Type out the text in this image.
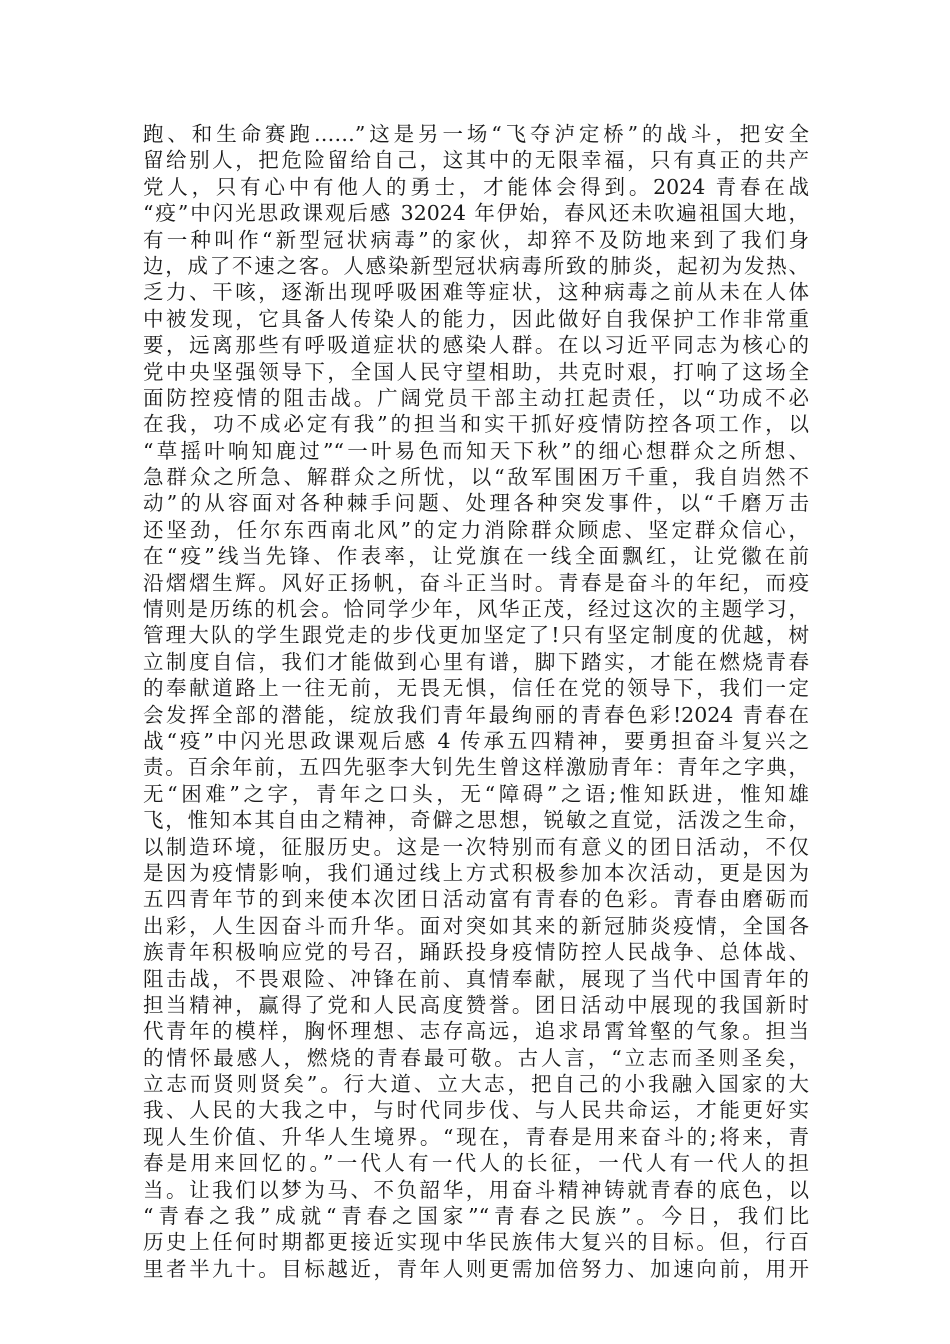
跑、和生命赛跑……”这是另一场“飞夺泸定桥”的战斗，把安全
留给别人，把危险留给自己，这其中的无限幸福，只有真正的共产
党人，只有心中有他人的勇士，才能体会得到。2024 青春在战
“疫”中闪光思政课观后感 32024 年伊始，春风还未吹遍祖国大地，
有一种叫作“新型冠状病毒”的家伙，却猝不及防地来到了我们身
边，成了不速之客。人感染新型冠状病毒所致的肺炎，起初为发热、
乏力、干咳，逐渐出现呼吸困难等症状，这种病毒之前从未在人体
中被发现，它具备人传染人的能力，因此做好自我保护工作非常重
要，远离那些有呼吸道症状的感染人群。在以习近平同志为核心的
党中央坚强领导下，全国人民守望相助，共克时艰，打响了这场全
面防控疫情的阻击战。广阔党员干部主动扛起责任，以“功成不必
在我，功不成必定有我”的担当和实干抓好疫情防控各项工作，以
“草摇叶响知鹿过”“一叶易色而知天下秋”的细心想群众之所想、
急群众之所急、解群众之所忧，以“敌军围困万千重，我自岿然不
动”的从容面对各种棘手问题、处理各种突发事件，以“千磨万击
还坚劲，任尔东西南北风”的定力消除群众顾虑、坚定群众信心，
在“疫”线当先锋、作表率，让党旗在一线全面飘红，让党徽在前
沿熠熠生辉。风好正扬帆，奋斗正当时。青春是奋斗的年纪，而疫
情则是历练的机会。恰同学少年，风华正茂，经过这次的主题学习，
管理大队的学生跟党走的步伐更加坚定了!只有坚定制度的优越，树
立制度自信，我们才能做到心里有谱，脚下踏实，才能在燃烧青春
的奉献道路上一往无前，无畏无惧，信任在党的领导下，我们一定
会发挥全部的潜能，绽放我们青年最绚丽的青春色彩!2024 青春在
战“疫”中闪光思政课观后感 4 传承五四精神，要勇担奋斗复兴之
责。百余年前，五四先驱李大钊先生曾这样激励青年：青年之字典，
无“困难”之字，青年之口头，无“障碍”之语;惟知跃进，惟知雄
飞，惟知本其自由之精神，奇僻之思想，锐敏之直觉，活泼之生命，
以制造环境，征服历史。这是一次特别而有意义的团日活动，不仅
是因为疫情影响，我们通过线上方式积极参加本次活动，更是因为
五四青年节的到来使本次团日活动富有青春的色彩。青春由磨砺而
出彩，人生因奋斗而升华。面对突如其来的新冠肺炎疫情，全国各
族青年积极响应党的号召，踊跃投身疫情防控人民战争、总体战、
阻击战，不畏艰险、冲锋在前、真情奉献，展现了当代中国青年的
担当精神，赢得了党和人民高度赞誉。团日活动中展现的我国新时
代青年的模样，胸怀理想、志存高远，追求昂霄耸壑的气象。担当
的情怀最感人，燃烧的青春最可敬。古人言，“立志而圣则圣矣，
立志而贤则贤矣”。行大道、立大志，把自己的小我融入国家的大
我、人民的大我之中，与时代同步伐、与人民共命运，才能更好实
现人生价值、升华人生境界。“现在，青春是用来奋斗的;将来，青
春是用来回忆的。”一代人有一代人的长征，一代人有一代人的担
当。让我们以梦为马、不负韶华，用奋斗精神铸就青春的底色，以
“青春之我”成就“青春之国家”“青春之民族”。今日，我们比
历史上任何时期都更接近实现中华民族伟大复兴的目标。但，行百
里者半九十。目标越近，青年人则更需加倍努力、加速向前，用开
